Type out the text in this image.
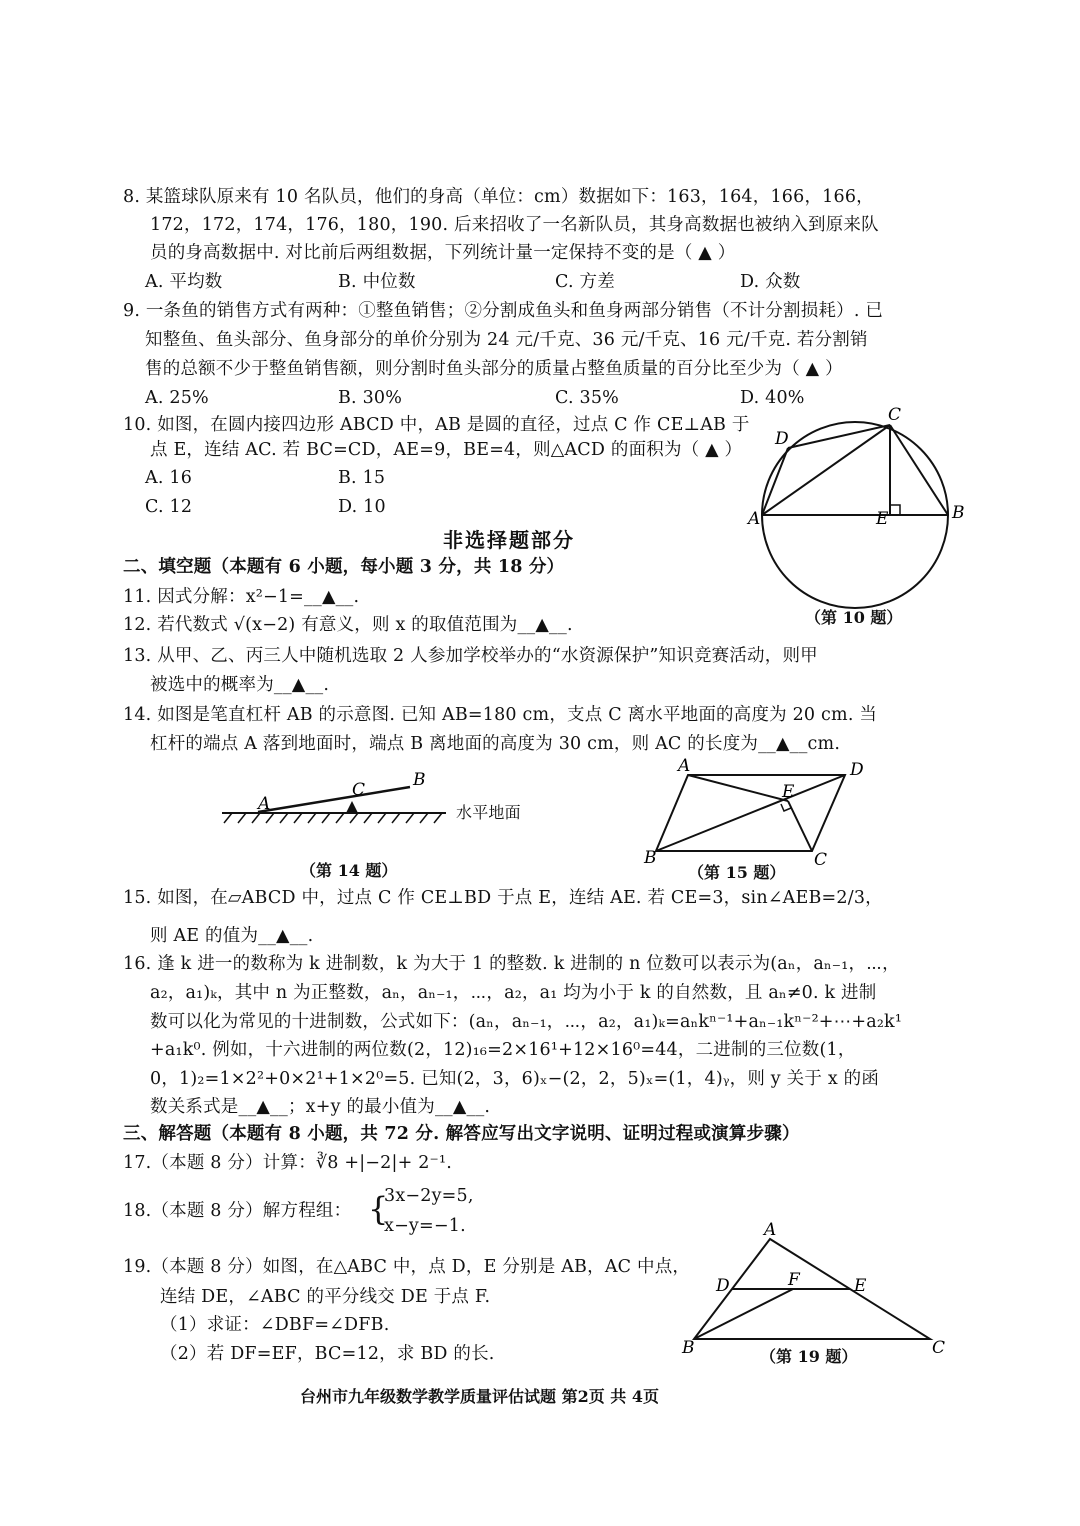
8. 某篮球队原来有 10 名队员，他们的身高（单位：cm）数据如下：163，164，166，166，
172，172，174，176，180，190. 后来招收了一名新队员，其身高数据也被纳入到原来队
员的身高数据中. 对比前后两组数据，下列统计量一定保持不变的是（ ▲ ）
A. 平均数	B. 中位数	C. 方差	D. 众数
9. 一条鱼的销售方式有两种：①整鱼销售；②分割成鱼头和鱼身两部分销售（不计分割损耗）. 已
知整鱼、鱼头部分、鱼身部分的单价分别为 24 元/千克、36 元/千克、16 元/千克. 若分割销
售的总额不少于整鱼销售额，则分割时鱼头部分的质量占整鱼质量的百分比至少为（ ▲ ）
A. 25%	B. 30%	C. 35%	D. 40%
10. 如图，在圆内接四边形 ABCD 中，AB 是圆的直径，过点 C 作 CE⊥AB 于
点 E，连结 AC. 若 BC=CD，AE=9，BE=4，则△ACD 的面积为（ ▲ ）
A. 16	B. 15
C. 12	D. 10
A	B
C
D
E
（第 10 题）
非选择题部分
二、填空题（本题有 6 小题，每小题 3 分，共 18 分）
11. 因式分解：x²−1=__▲__.
12. 若代数式 √(x−2) 有意义，则 x 的取值范围为__▲__.
13. 从甲、乙、丙三人中随机选取 2 人参加学校举办的“水资源保护”知识竞赛活动，则甲
被选中的概率为__▲__.
14. 如图是笔直杠杆 AB 的示意图. 已知 AB=180 cm，支点 C 离水平地面的高度为 20 cm. 当
杠杆的端点 A 落到地面时，端点 B 离地面的高度为 30 cm，则 AC 的长度为__▲__cm.
A
B
C
水平地面
（第 14 题）
A
B	C
D
E
（第 15 题）
15. 如图，在▱ABCD 中，过点 C 作 CE⊥BD 于点 E，连结 AE. 若 CE=3，sin∠AEB=2/3，
则 AE 的值为__▲__.
16. 逢 k 进一的数称为 k 进制数，k 为大于 1 的整数. k 进制的 n 位数可以表示为(aₙ，aₙ₋₁，⋯，
a₂，a₁)ₖ，其中 n 为正整数，aₙ，aₙ₋₁，⋯，a₂，a₁ 均为小于 k 的自然数，且 aₙ≠0. k 进制
数可以化为常见的十进制数，公式如下：(aₙ，aₙ₋₁，⋯，a₂，a₁)ₖ=aₙkⁿ⁻¹+aₙ₋₁kⁿ⁻²+⋯+a₂k¹
+a₁k⁰. 例如，十六进制的两位数(2，12)₁₆=2×16¹+12×16⁰=44，二进制的三位数(1，
0，1)₂=1×2²+0×2¹+1×2⁰=5. 已知(2，3，6)ₓ−(2，2，5)ₓ=(1，4)ᵧ，则 y 关于 x 的函
数关系式是__▲__；x+y 的最小值为__▲__.
三、解答题（本题有 8 小题，共 72 分. 解答应写出文字说明、证明过程或演算步骤）
17.（本题 8 分）计算：∛8 +|−2|+ 2⁻¹.
18.（本题 8 分）解方程组： {
3x−2y=5,
x−y=−1.
19.（本题 8 分）如图，在△ABC 中，点 D，E 分别是 AB，AC 中点，
连结 DE，∠ABC 的平分线交 DE 于点 F.
（1）求证：∠DBF=∠DFB.
（2）若 DF=EF，BC=12，求 BD 的长.
A
B	C
D	E
F
（第 19 题）
台州市九年级数学教学质量评估试题 第2页 共 4页
